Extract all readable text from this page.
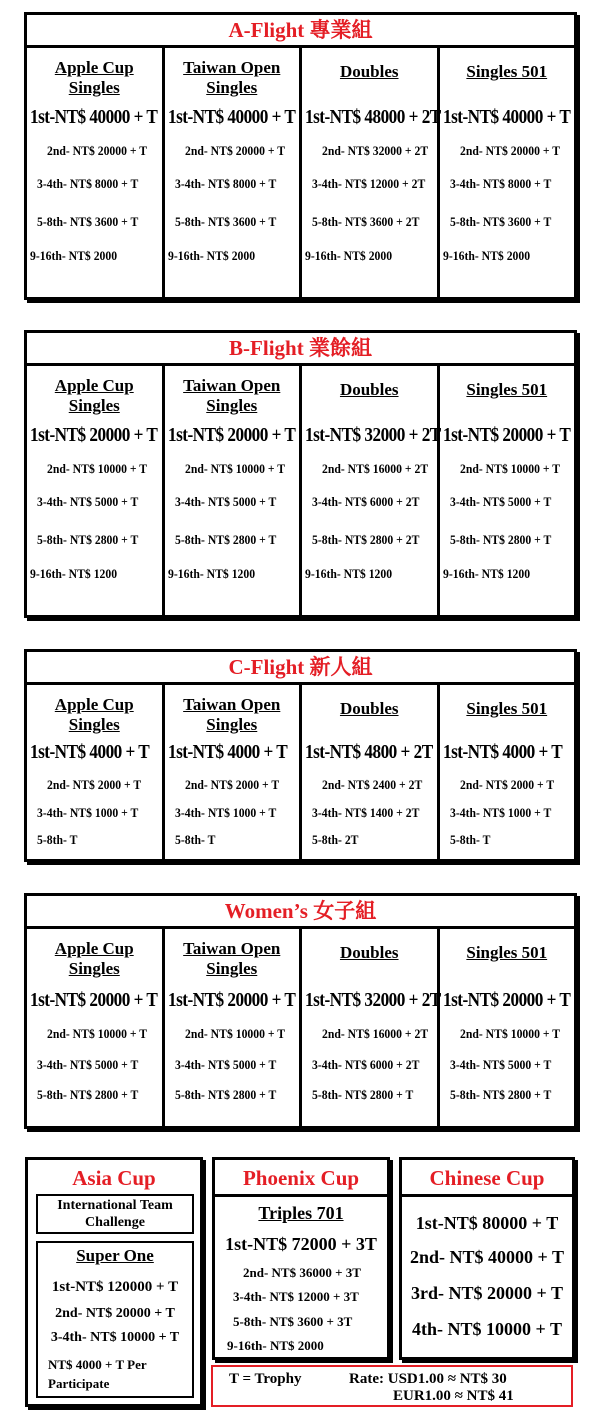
A-Flight 專業組
Apple Cup
Singles
1st-NT$ 40000 + T
2nd- NT$ 20000 + T
3-4th- NT$ 8000 + T
5-8th- NT$ 3600 + T
9-16th- NT$ 2000
Taiwan Open
Singles
1st-NT$ 40000 + T
2nd- NT$ 20000 + T
3-4th- NT$ 8000 + T
5-8th- NT$ 3600 + T
9-16th- NT$ 2000
Doubles
1st-NT$ 48000 + 2T
2nd- NT$ 32000 + 2T
3-4th- NT$ 12000 + 2T
5-8th- NT$ 3600 + 2T
9-16th- NT$ 2000
Singles 501
1st-NT$ 40000 + T
2nd- NT$ 20000 + T
3-4th- NT$ 8000 + T
5-8th- NT$ 3600 + T
9-16th- NT$ 2000
B-Flight 業餘組
Apple Cup
Singles
1st-NT$ 20000 + T
2nd- NT$ 10000 + T
3-4th- NT$ 5000 + T
5-8th- NT$ 2800 + T
9-16th- NT$ 1200
Taiwan Open
Singles
1st-NT$ 20000 + T
2nd- NT$ 10000 + T
3-4th- NT$ 5000 + T
5-8th- NT$ 2800 + T
9-16th- NT$ 1200
Doubles
1st-NT$ 32000 + 2T
2nd- NT$ 16000 + 2T
3-4th- NT$ 6000 + 2T
5-8th- NT$ 2800 + 2T
9-16th- NT$ 1200
Singles 501
1st-NT$ 20000 + T
2nd- NT$ 10000 + T
3-4th- NT$ 5000 + T
5-8th- NT$ 2800 + T
9-16th- NT$ 1200
C-Flight 新人組
Apple Cup
Singles
1st-NT$ 4000 + T
2nd- NT$ 2000 + T
3-4th- NT$ 1000 + T
5-8th- T
Taiwan Open
Singles
1st-NT$ 4000 + T
2nd- NT$ 2000 + T
3-4th- NT$ 1000 + T
5-8th- T
Doubles
1st-NT$ 4800 + 2T
2nd- NT$ 2400 + 2T
3-4th- NT$ 1400 + 2T
5-8th- 2T
Singles 501
1st-NT$ 4000 + T
2nd- NT$ 2000 + T
3-4th- NT$ 1000 + T
5-8th- T
Women’s 女子組
Apple Cup
Singles
1st-NT$ 20000 + T
2nd- NT$ 10000 + T
3-4th- NT$ 5000 + T
5-8th- NT$ 2800 + T
Taiwan Open
Singles
1st-NT$ 20000 + T
2nd- NT$ 10000 + T
3-4th- NT$ 5000 + T
5-8th- NT$ 2800 + T
Doubles
1st-NT$ 32000 + 2T
2nd- NT$ 16000 + 2T
3-4th- NT$ 6000 + 2T
5-8th- NT$ 2800 + T
Singles 501
1st-NT$ 20000 + T
2nd- NT$ 10000 + T
3-4th- NT$ 5000 + T
5-8th- NT$ 2800 + T
Asia Cup
International Team
Challenge
Super One
1st-NT$ 120000 + T
2nd- NT$ 20000 + T
3-4th- NT$ 10000 + T
NT$ 4000 + T Per
Participate
Phoenix Cup
Triples 701
1st-NT$ 72000 + 3T
2nd- NT$ 36000 + 3T
3-4th- NT$ 12000 + 3T
5-8th- NT$ 3600 + 3T
9-16th- NT$ 2000
Chinese Cup
1st-NT$ 80000 + T
2nd- NT$ 40000 + T
3rd- NT$ 20000 + T
4th- NT$ 10000 + T
T = Trophy	Rate: USD1.00 ≈ NT$ 30
EUR1.00 ≈ NT$ 41
